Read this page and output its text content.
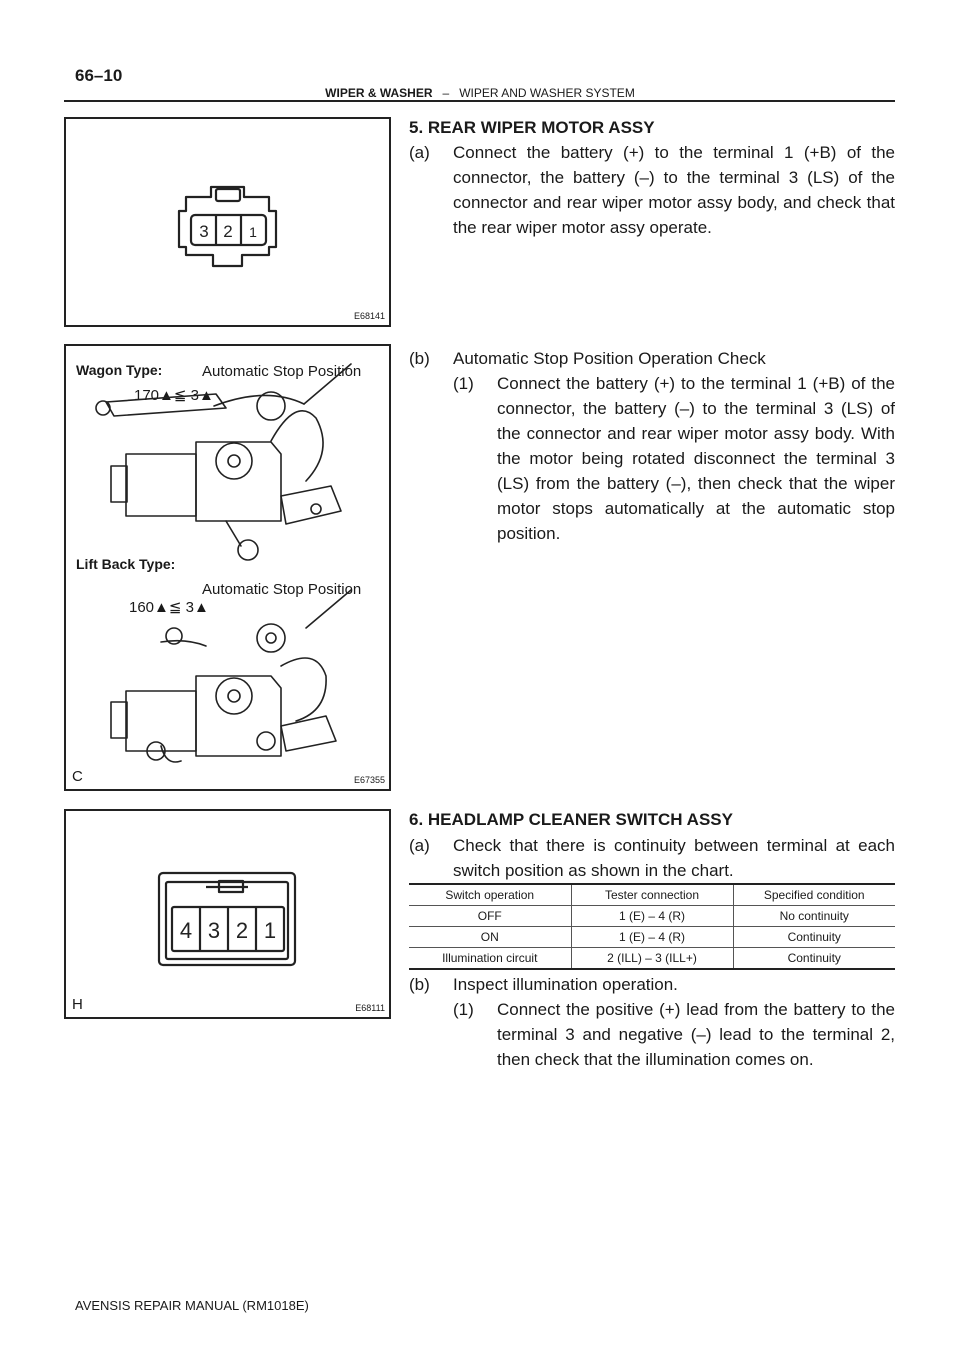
66–10
WIPER & WASHER – WIPER AND WASHER SYSTEM
3 2 1
E68141
Wagon Type:	Automatic Stop Position
170▲≦ 3▲
Lift Back Type:
Automatic Stop Position
160▲≦ 3▲
C	E67355
4 3 2 1
H	E68111
5. REAR WIPER MOTOR ASSY
(a) Connect the battery (+) to the terminal 1 (+B) of the connector, the battery (–) to the terminal 3 (LS) of the connector and rear wiper motor assy body, and check that the rear wiper motor assy operate.
(b) Automatic Stop Position Operation Check
(1) Connect the battery (+) to the terminal 1 (+B) of the connector, the battery (–) to the terminal 3 (LS) of the connector and rear wiper motor assy body. With the motor being rotated disconnect the terminal 3 (LS) from the battery (–), then check that the wiper motor stops automatically at the automatic stop position.
6. HEADLAMP CLEANER SWITCH ASSY
(a) Check that there is continuity between terminal at each switch position as shown in the chart.
Switch operation	Tester connection	Specified condition
OFF	1 (E) – 4 (R)	No continuity
ON	1 (E) – 4 (R)	Continuity
Illumination circuit	2 (ILL) – 3 (ILL+)	Continuity
(b) Inspect illumination operation.
(1) Connect the positive (+) lead from the battery to the terminal 3 and negative (–) lead to the terminal 2, then check that the illumination comes on.
AVENSIS REPAIR MANUAL (RM1018E)
